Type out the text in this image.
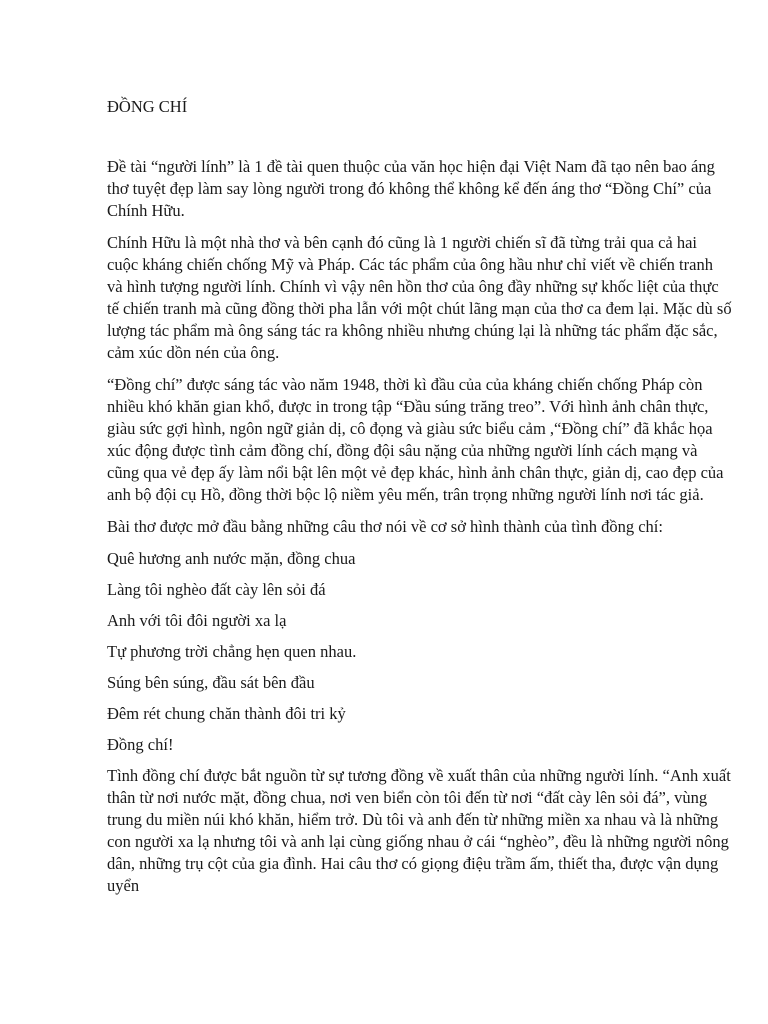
ĐỒNG CHÍ

Đề tài “người lính” là 1 đề tài quen thuộc của văn học hiện đại Việt Nam đã tạo nên bao áng thơ tuyệt đẹp làm say lòng người trong đó không thể không kể đến áng thơ “Đồng Chí” của Chính Hữu.

Chính Hữu là một nhà thơ và bên cạnh đó cũng là 1 người chiến sĩ đã từng trải qua cả hai cuộc kháng chiến chống Mỹ và Pháp. Các tác phẩm của ông hầu như chỉ viết về chiến tranh và hình tượng người lính. Chính vì vậy nên hồn thơ của ông đầy những sự khốc liệt của thực tế chiến tranh mà cũng đồng thời pha lẫn với một chút lãng mạn của thơ ca đem lại. Mặc dù số lượng tác phẩm mà ông sáng tác ra không nhiều nhưng chúng lại là những tác phẩm đặc sắc, cảm xúc dồn nén của ông.

“Đồng chí” được sáng tác vào năm 1948, thời kì đầu của của kháng chiến chống Pháp còn nhiều khó khăn gian khổ, được in trong tập “Đầu súng trăng treo”. Với hình ảnh chân thực, giàu sức gợi hình, ngôn ngữ giản dị, cô đọng và giàu sức biểu cảm ,“Đồng chí” đã khắc họa xúc động được tình cảm đồng chí, đồng đội sâu nặng của những người lính cách mạng và cũng qua vẻ đẹp ấy làm nổi bật lên một vẻ đẹp khác, hình ảnh chân thực, giản dị, cao đẹp của anh bộ đội cụ Hồ, đồng thời bộc lộ niềm yêu mến, trân trọng những người lính nơi tác giả.

Bài thơ được mở đầu bằng những câu thơ nói về cơ sở hình thành của tình đồng chí:

Quê hương anh nước mặn, đồng chua

Làng tôi nghèo đất cày lên sỏi đá

Anh với tôi đôi người xa lạ

Tự phương trời chẳng hẹn quen nhau.

Súng bên súng, đầu sát bên đầu

Đêm rét chung chăn thành đôi tri kỷ

Đồng chí!

Tình đồng chí được bắt nguồn từ sự tương đồng về xuất thân của những người lính. “Anh xuất thân từ nơi nước mặt, đồng chua, nơi ven biển còn tôi đến từ nơi “đất cày lên sỏi đá”, vùng trung du miền núi khó khăn, hiểm trở. Dù tôi và anh đến từ những miền xa nhau và là những con người xa lạ nhưng tôi và anh lại cùng giống nhau ở cái “nghèo”, đều là những người nông dân, những trụ cột của gia đình. Hai câu thơ có giọng điệu trầm ấm, thiết tha, được vận dụng uyển
